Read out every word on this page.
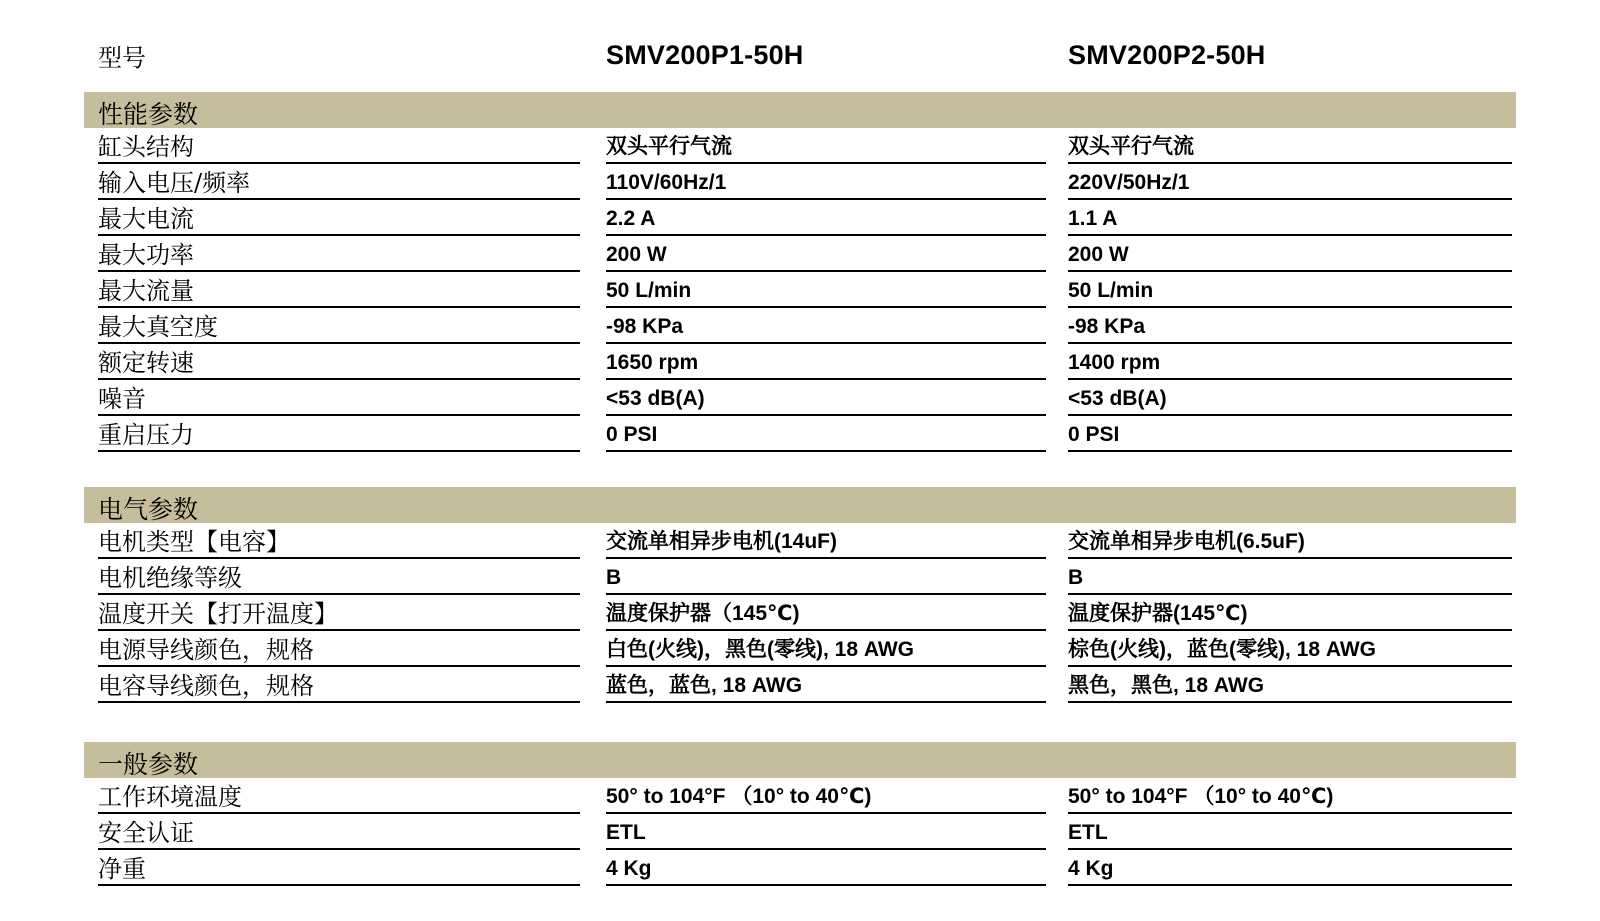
型号	SMV200P1-50H	SMV200P2-50H
性能参数
缸头结构	双头平行气流	双头平行气流
输入电压/频率	110V/60Hz/1	220V/50Hz/1
最大电流	2.2 A	1.1 A
最大功率	200 W	200 W
最大流量	50 L/min	50 L/min
最大真空度	-98 KPa	-98 KPa
额定转速	1650 rpm	1400 rpm
噪音	<53 dB(A)	<53 dB(A)
重启压力	0 PSI	0 PSI
电气参数
电机类型【电容】	交流单相异步电机(14uF)	交流单相异步电机(6.5uF)
电机绝缘等级	B	B
温度开关【打开温度】	温度保护器（145℃)	温度保护器(145℃)
电源导线颜色，规格	白色(火线)，黑色(零线), 18 AWG	棕色(火线)，蓝色(零线), 18 AWG
电容导线颜色，规格	蓝色，蓝色, 18 AWG	黑色，黑色, 18 AWG
一般参数
工作环境温度	50° to 104°F （10° to 40℃)	50° to 104°F （10° to 40℃)
安全认证	ETL	ETL
净重	4 Kg	4 Kg
